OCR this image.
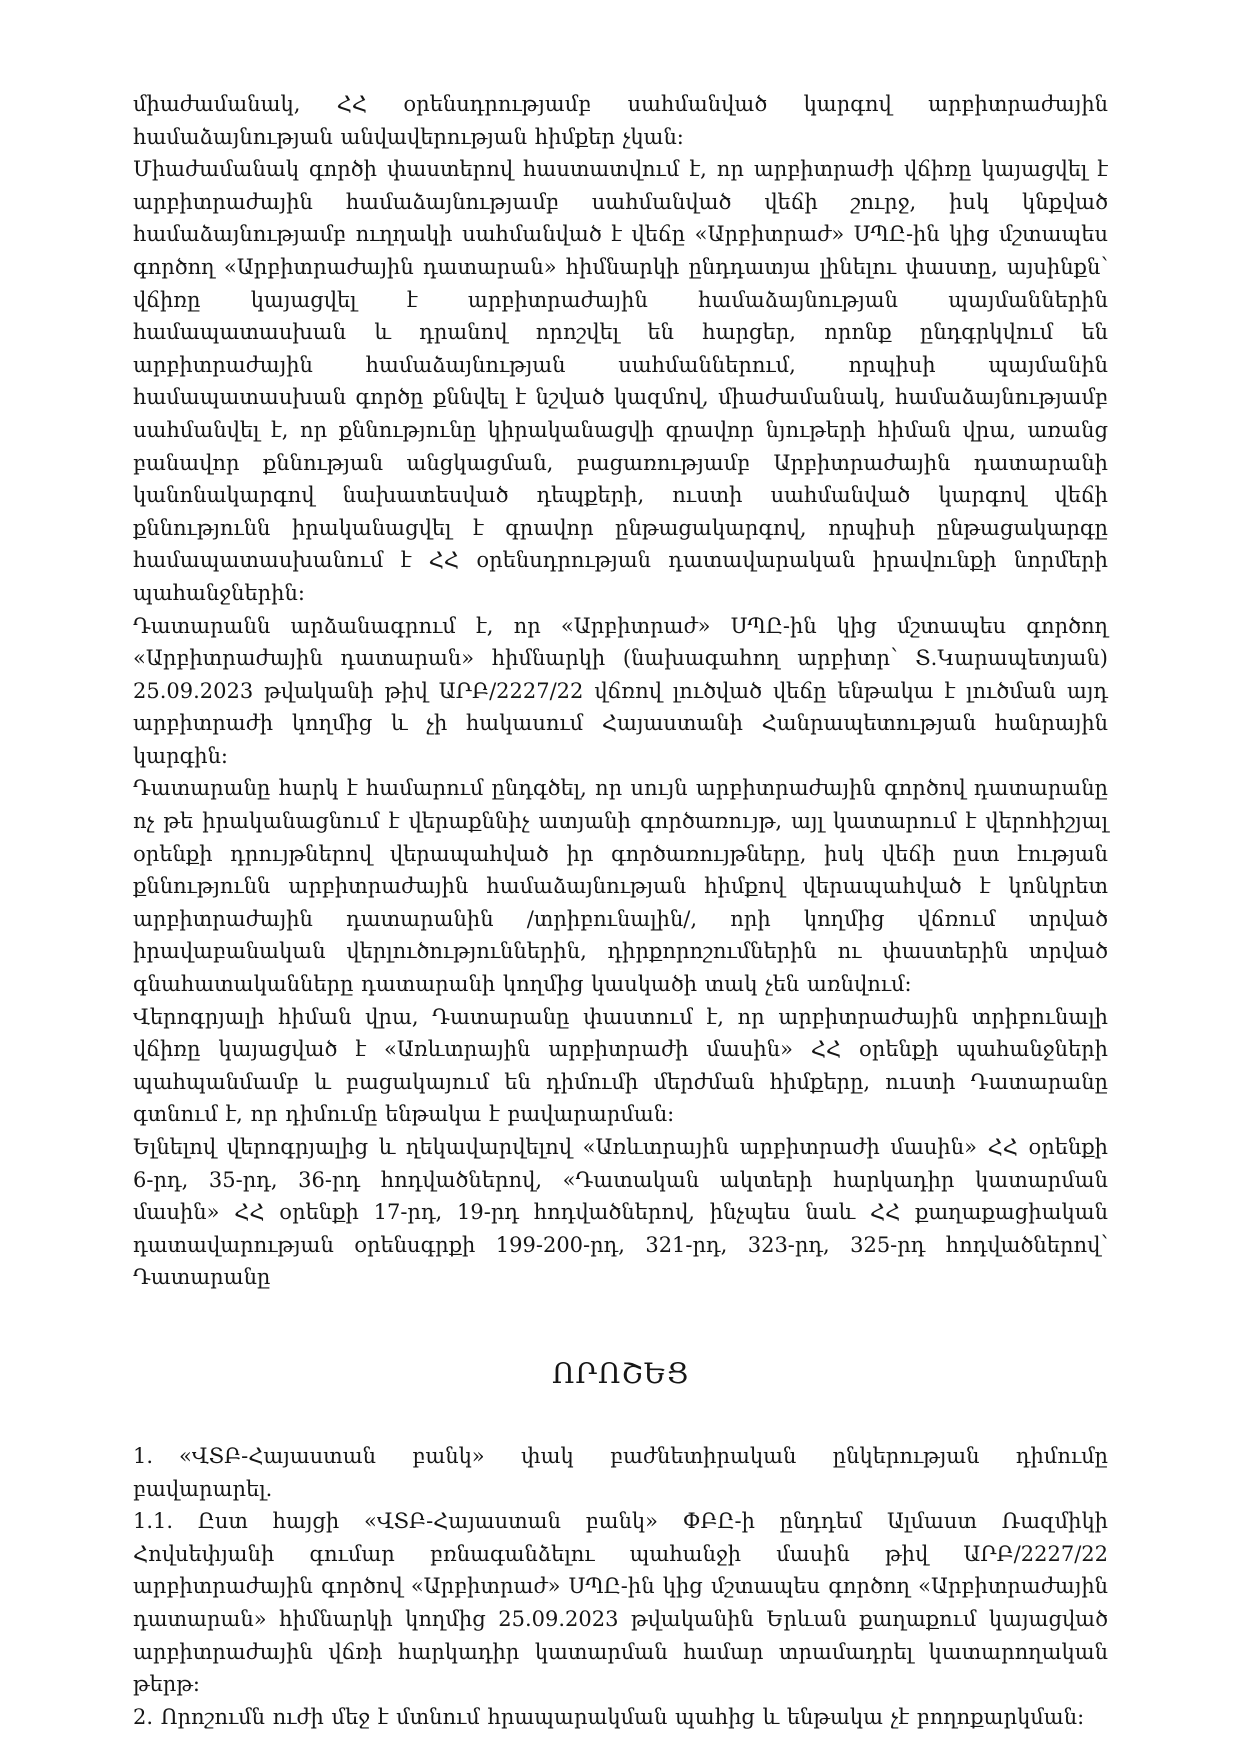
միաժամանակ, ՀՀ օրենսդրությամբ սահմանված կարգով արբիտրաժային համաձայնության անվավերության հիմքեր չկան:

Միաժամանակ գործի փաստերով հաստատվում է, որ արբիտրաժի վճիռը կայացվել է արբիտրաժային համաձայնությամբ սահմանված վեճի շուրջ, իսկ կնքված համաձայնությամբ ուղղակի սահմանված է վեճը «Արբիտրաժ» ՍՊԸ-ին կից մշտապես գործող «Արբիտրաժային դատարան» հիմնարկի ընդդատյա լինելու փաստը, այսինքն՝ վճիռը կայացվել է արբիտրաժային համաձայնության պայմաններին համապատասխան և դրանով որոշվել են հարցեր, որոնք ընդգրկվում են արբիտրաժային համաձայնության սահմաններում, որպիսի պայմանին համապատասխան գործը քննվել է նշված կազմով, միաժամանակ, համաձայնությամբ սահմանվել է, որ քննությունը կիրականացվի գրավոր նյութերի հիման վրա, առանց բանավոր քննության անցկացման, բացառությամբ Արբիտրաժային դատարանի կանոնակարգով նախատեսված դեպքերի, ուստի սահմանված կարգով վեճի քննությունն իրականացվել է գրավոր ընթացակարգով, որպիսի ընթացակարգը համապատասխանում է ՀՀ օրենսդրության դատավարական իրավունքի նորմերի պահանջներին:

Դատարանն արձանագրում է, որ «Արբիտրաժ» ՍՊԸ-ին կից մշտապես գործող «Արբիտրաժային դատարան» հիմնարկի (նախագահող արբիտր՝ Տ.Կարապետյան) 25.09.2023 թվականի թիվ ԱՐԲ/2227/22 վճռով լուծված վեճը ենթակա է լուծման այդ արբիտրաժի կողմից և չի հակասում Հայաստանի Հանրապետության հանրային կարգին:

Դատարանը հարկ է համարում ընդգծել, որ սույն արբիտրաժային գործով դատարանը ոչ թե իրականացնում է վերաքննիչ ատյանի գործառույթ, այլ կատարում է վերոհիշյալ օրենքի դրույթներով վերապահված իր գործառույթները, իսկ վեճի ըստ էության քննությունն արբիտրաժային համաձայնության հիմքով վերապահված է կոնկրետ արբիտրաժային դատարանին /տրիբունալին/, որի կողմից վճռում տրված իրավաբանական վերլուծություններին, դիրքորոշումներին ու փաստերին տրված գնահատականները դատարանի կողմից կասկածի տակ չեն առնվում:

Վերոգրյալի հիման վրա, Դատարանը փաստում է, որ արբիտրաժային տրիբունալի վճիռը կայացված է «Առևտրային արբիտրաժի մասին» ՀՀ օրենքի պահանջների պահպանմամբ և բացակայում են դիմումի մերժման հիմքերը, ուստի Դատարանը գտնում է, որ դիմումը ենթակա է բավարարման:

Ելնելով վերոգրյալից և ղեկավարվելով «Առևտրային արբիտրաժի մասին» ՀՀ օրենքի 6-րդ, 35-րդ, 36-րդ հոդվածներով, «Դատական ակտերի հարկադիր կատարման մասին» ՀՀ օրենքի 17-րդ, 19-րդ հոդվածներով, ինչպես նաև ՀՀ քաղաքացիական դատավարության օրենսգրքի 199-200-րդ, 321-րդ, 323-րդ, 325-րդ հոդվածներով՝ Դատարանը

ՈՐՈՇԵՑ

1. «ՎՏԲ-Հայաստան բանկ» փակ բաժնետիրական ընկերության դիմումը բավարարել.

1.1. Ըստ հայցի «ՎՏԲ-Հայաստան բանկ» ՓԲԸ-ի ընդդեմ Ալմաստ Ռազմիկի Հովսեփյանի գումար բռնագանձելու պահանջի մասին թիվ ԱՐԲ/2227/22 արբիտրաժային գործով «Արբիտրաժ» ՍՊԸ-ին կից մշտապես գործող «Արբիտրաժային դատարան» հիմնարկի կողմից 25.09.2023 թվականին Երևան քաղաքում կայացված արբիտրաժային վճռի հարկադիր կատարման համար տրամադրել կատարողական թերթ:

2. Որոշումն ուժի մեջ է մտնում հրապարակման պահից և ենթակա չէ բողոքարկման:
